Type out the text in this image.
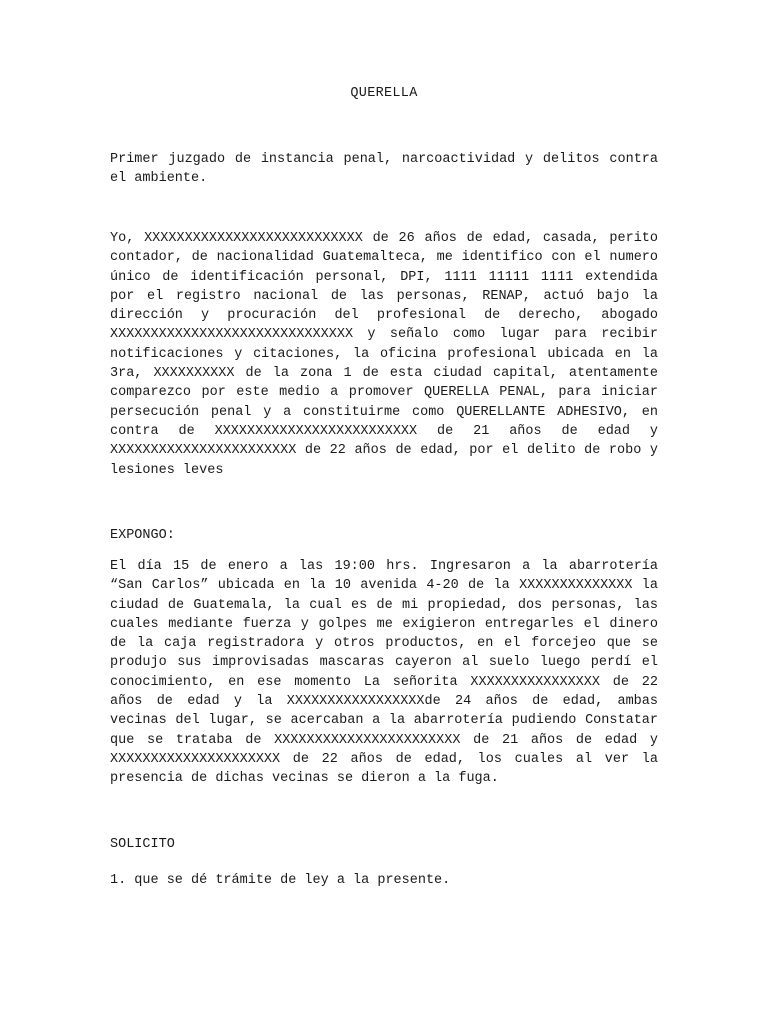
QUERELLA
Primer juzgado de instancia penal, narcoactividad y delitos contra el ambiente.
Yo, XXXXXXXXXXXXXXXXXXXXXXXXXXX de 26 años de edad, casada, perito contador, de nacionalidad Guatemalteca, me identifico con el numero único de identificación personal, DPI, 1111 11111 1111 extendida por el registro nacional de las personas, RENAP, actuó bajo la dirección y procuración del profesional de derecho, abogado XXXXXXXXXXXXXXXXXXXXXXXXXXXXXX y señalo como lugar para recibir notificaciones y citaciones, la oficina profesional ubicada en la 3ra, XXXXXXXXXX de la zona 1 de esta ciudad capital, atentamente comparezco por este medio a promover QUERELLA PENAL, para iniciar persecución penal y a constituirme como QUERELLANTE ADHESIVO, en contra de XXXXXXXXXXXXXXXXXXXXXXXXX de 21 años de edad y XXXXXXXXXXXXXXXXXXXXXXX de 22 años de edad, por el delito de robo y lesiones leves
EXPONGO:
El día 15 de enero a las 19:00 hrs. Ingresaron a la abarrotería “San Carlos” ubicada en la 10 avenida 4-20 de la XXXXXXXXXXXXXX la ciudad de Guatemala, la cual es de mi propiedad, dos personas, las cuales mediante fuerza y golpes me exigieron entregarles el dinero de la caja registradora y otros productos, en el forcejeo que se produjo sus improvisadas mascaras cayeron al suelo luego perdí el conocimiento, en ese momento La señorita XXXXXXXXXXXXXXXX de 22 años de edad y la XXXXXXXXXXXXXXXXXde 24 años de edad, ambas vecinas del lugar, se acercaban a la abarrotería pudiendo Constatar que se trataba de XXXXXXXXXXXXXXXXXXXXXXX de 21 años de edad y XXXXXXXXXXXXXXXXXXXXX de 22 años de edad, los cuales al ver la presencia de dichas vecinas se dieron a la fuga.
SOLICITO
1. que se dé trámite de ley a la presente.
